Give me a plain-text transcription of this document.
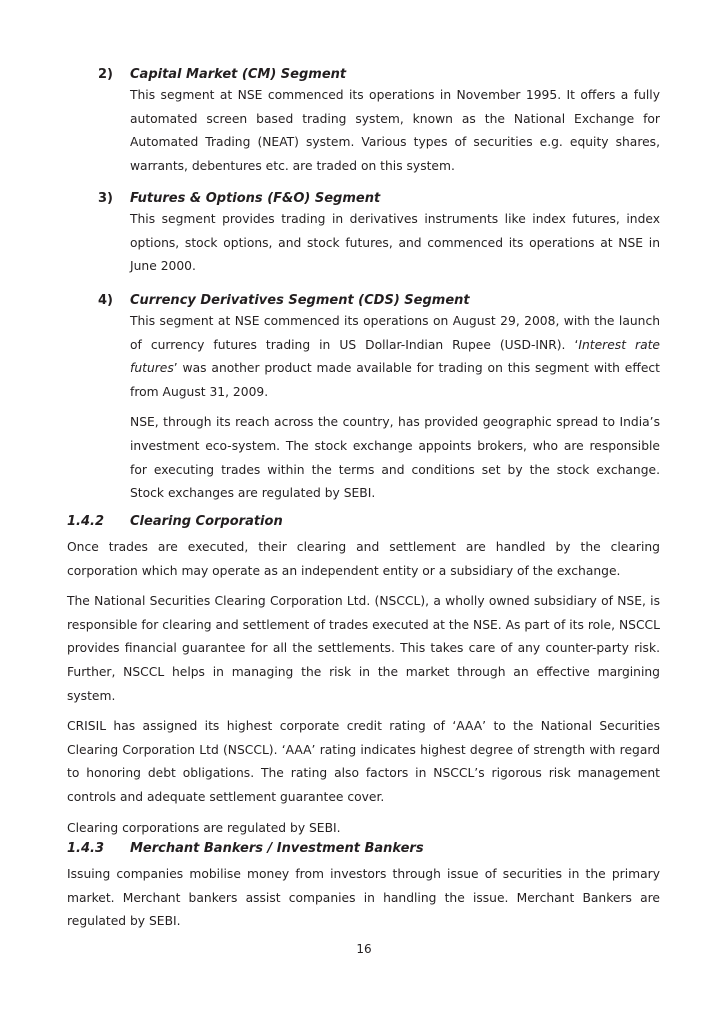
2)	Capital Market (CM) Segment

This segment at NSE commenced its operations in November 1995. It offers a fully automated screen based trading system, known as the National Exchange for Automated Trading (NEAT) system. Various types of securities e.g. equity shares, warrants, debentures etc. are traded on this system.

3)	Futures & Options (F&O) Segment

This segment provides trading in derivatives instruments like index futures, index options, stock options, and stock futures, and commenced its operations at NSE in June 2000.

4)	Currency Derivatives Segment (CDS) Segment

This segment at NSE commenced its operations on August 29, 2008, with the launch of currency futures trading in US Dollar-Indian Rupee (USD-INR). ‘Interest rate futures’ was another product made available for trading on this segment with effect from August 31, 2009.

NSE, through its reach across the country, has provided geographic spread to India’s investment eco-system. The stock exchange appoints brokers, who are responsible for executing trades within the terms and conditions set by the stock exchange. Stock exchanges are regulated by SEBI.

1.4.2	Clearing Corporation

Once trades are executed, their clearing and settlement are handled by the clearing corporation which may operate as an independent entity or a subsidiary of the exchange.

The National Securities Clearing Corporation Ltd. (NSCCL), a wholly owned subsidiary of NSE, is responsible for clearing and settlement of trades executed at the NSE. As part of its role, NSCCL provides financial guarantee for all the settlements. This takes care of any counter-party risk. Further, NSCCL helps in managing the risk in the market through an effective margining system.

CRISIL has assigned its highest corporate credit rating of ‘AAA’ to the National Securities Clearing Corporation Ltd (NSCCL). ‘AAA’ rating indicates highest degree of strength with regard to honoring debt obligations. The rating also factors in NSCCL’s rigorous risk management controls and adequate settlement guarantee cover.

Clearing corporations are regulated by SEBI.

1.4.3	Merchant Bankers / Investment Bankers

Issuing companies mobilise money from investors through issue of securities in the primary market. Merchant bankers assist companies in handling the issue. Merchant Bankers are regulated by SEBI.

16
